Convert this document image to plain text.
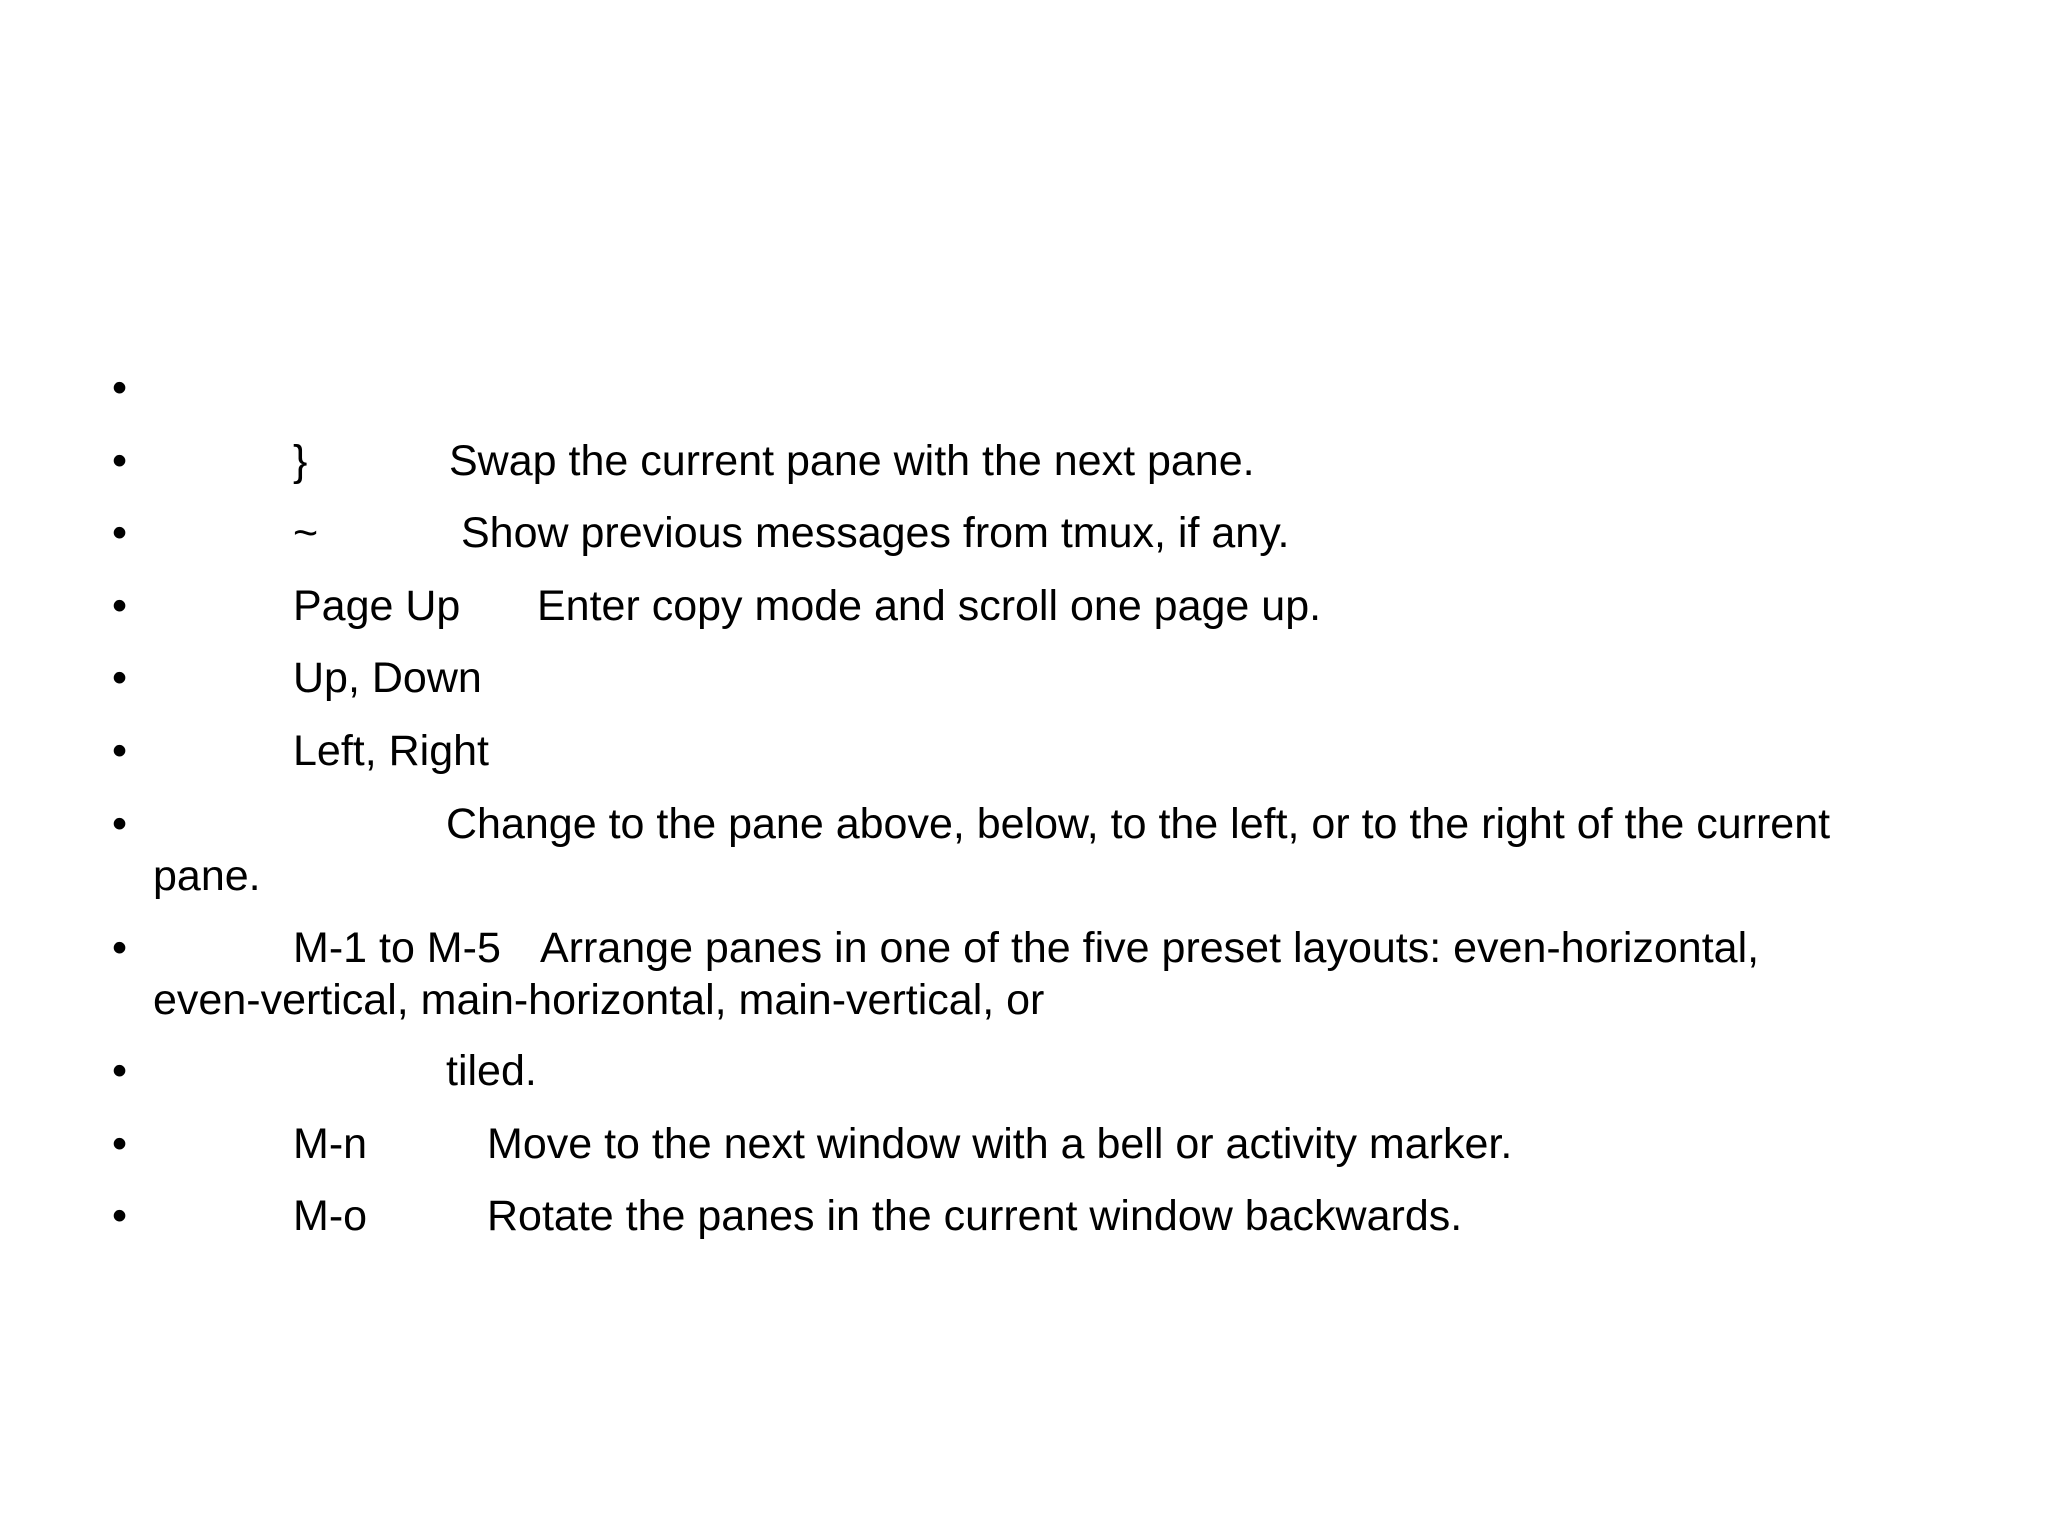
•
•	}	Swap the current pane with the next pane.
•	~	Show previous messages from tmux, if any.
•	Page Up Enter copy mode and scroll one page up.
•	Up, Down
•	Left, Right
•	Change to the pane above, below, to the left, or to the right of the current
pane.
•	M-1 to M-5 Arrange panes in one of the five preset layouts: even-horizontal,
even-vertical, main-horizontal, main-vertical, or
•	tiled.
•	M-n	Move to the next window with a bell or activity marker.
•	M-o	Rotate the panes in the current window backwards.
